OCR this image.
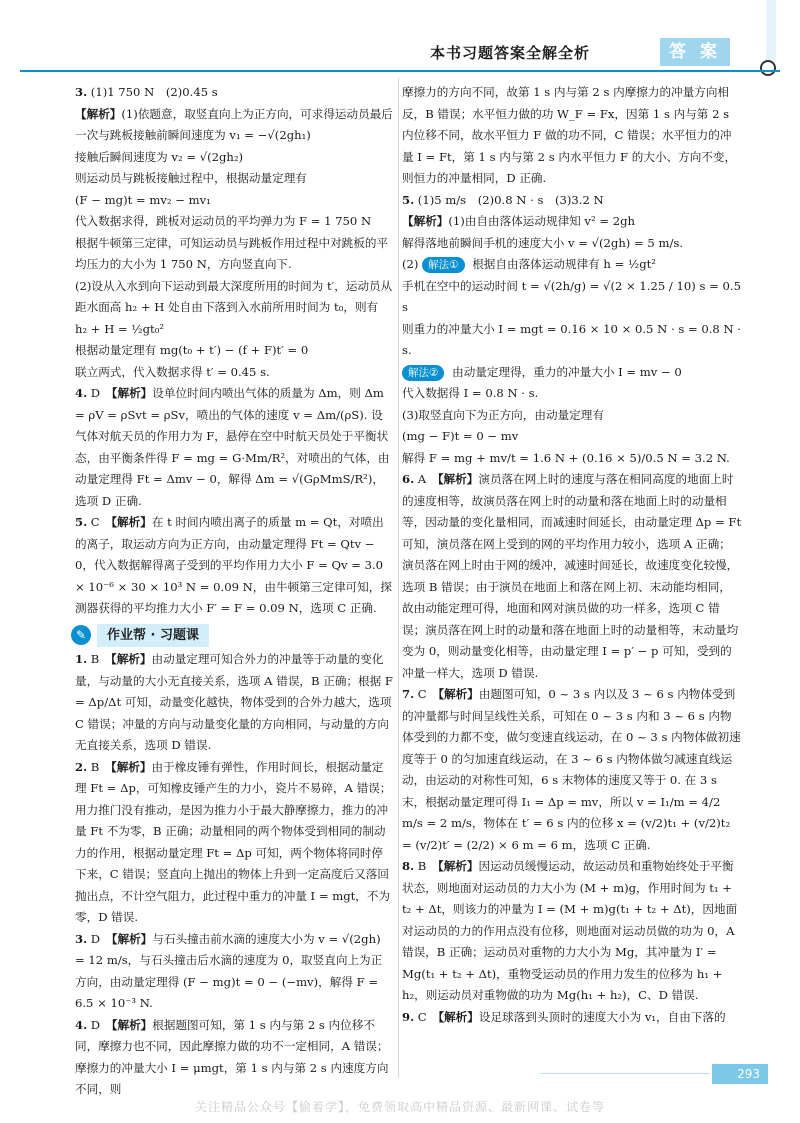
本书习题答案全解全析	答 案

3. (1)1 750 N　(2)0.45 s

【解析】(1)依题意，取竖直向上为正方向，可求得运动员最后一次与跳板接触前瞬间速度为 v₁ = −√(2gh₁)

接触后瞬间速度为 v₂ = √(2gh₂)

则运动员与跳板接触过程中，根据动量定理有

(F − mg)t = mv₂ − mv₁

代入数据求得，跳板对运动员的平均弹力为 F = 1 750 N

根据牛顿第三定律，可知运动员与跳板作用过程中对跳板的平均压力的大小为 1 750 N，方向竖直向下.

(2)设从入水到向下运动到最大深度所用的时间为 t′，运动员从距水面高 h₂ + H 处自由下落到入水前所用时间为 t₀，则有 h₂ + H = ½gt₀²

根据动量定理有 mg(t₀ + t′) − (f + F)t′ = 0

联立两式，代入数据求得 t′ = 0.45 s.

4. D　【解析】设单位时间内喷出气体的质量为 Δm，则 Δm = ρV = ρSvt = ρSv，喷出的气体的速度 v = Δm/(ρS). 设气体对航天员的作用力为 F，悬停在空中时航天员处于平衡状态，由平衡条件得 F = mg = G·Mm/R²，对喷出的气体，由动量定理得 Ft = Δmv − 0，解得 Δm = √(GρMmS/R²)，选项 D 正确.

5. C　【解析】在 t 时间内喷出离子的质量 m = Qt，对喷出的离子，取运动方向为正方向，由动量定理得 Ft = Qtv − 0，代入数据解得离子受到的平均作用力大小 F = Qv = 3.0 × 10⁻⁶ × 30 × 10³ N = 0.09 N，由牛顿第三定律可知，探测器获得的平均推力大小 F′ = F = 0.09 N，选项 C 正确.

✎	作业帮 · 习题课

1. B　【解析】由动量定理可知合外力的冲量等于动量的变化量，与动量的大小无直接关系，选项 A 错误，B 正确；根据 F = Δp/Δt 可知，动量变化越快，物体受到的合外力越大，选项 C 错误；冲量的方向与动量变化量的方向相同，与动量的方向无直接关系，选项 D 错误.

2. B　【解析】由于橡皮锤有弹性，作用时间长，根据动量定理 Ft = Δp，可知橡皮锤产生的力小，瓷片不易碎，A 错误；用力推门没有推动，是因为推力小于最大静摩擦力，推力的冲量 Ft 不为零，B 正确；动量相同的两个物体受到相同的制动力的作用，根据动量定理 Ft = Δp 可知，两个物体将同时停下来，C 错误；竖直向上抛出的物体上升到一定高度后又落回抛出点，不计空气阻力，此过程中重力的冲量 I = mgt，不为零，D 错误.

3. D　【解析】与石头撞击前水滴的速度大小为 v = √(2gh) = 12 m/s，与石头撞击后水滴的速度为 0，取竖直向上为正方向，由动量定理得 (F − mg)t = 0 − (−mv)，解得 F = 6.5 × 10⁻³ N.

4. D　【解析】根据题图可知，第 1 s 内与第 2 s 内位移不同，摩擦力也不同，因此摩擦力做的功不一定相同，A 错误；摩擦力的冲量大小 I = μmgt，第 1 s 内与第 2 s 内速度方向不同，则

摩擦力的方向不同，故第 1 s 内与第 2 s 内摩擦力的冲量方向相反，B 错误；水平恒力做的功 W_F = Fx，因第 1 s 内与第 2 s 内位移不同，故水平恒力 F 做的功不同，C 错误；水平恒力的冲量 I = Ft，第 1 s 内与第 2 s 内水平恒力 F 的大小、方向不变，则恒力的冲量相同，D 正确.

5. (1)5 m/s　(2)0.8 N · s　(3)3.2 N

【解析】(1)由自由落体运动规律知 v² = 2gh

解得落地前瞬间手机的速度大小 v = √(2gh) = 5 m/s.

(2) 解法① 根据自由落体运动规律有 h = ½gt²

手机在空中的运动时间 t = √(2h/g) = √(2 × 1.25 / 10) s = 0.5 s

则重力的冲量大小 I = mgt = 0.16 × 10 × 0.5 N · s = 0.8 N · s.

解法② 由动量定理得，重力的冲量大小 I = mv − 0

代入数据得 I = 0.8 N · s.

(3)取竖直向下为正方向，由动量定理有

(mg − F)t = 0 − mv

解得 F = mg + mv/t = 1.6 N + (0.16 × 5)/0.5 N = 3.2 N.

6. A　【解析】演员落在网上时的速度与落在相同高度的地面上时的速度相等，故演员落在网上时的动量和落在地面上时的动量相等，因动量的变化量相同，而减速时间延长，由动量定理 Δp = Ft 可知，演员落在网上受到的网的平均作用力较小，选项 A 正确；演员落在网上时由于网的缓冲，减速时间延长，故速度变化较慢，选项 B 错误；由于演员在地面上和落在网上初、末动能均相同，故由动能定理可得，地面和网对演员做的功一样多，选项 C 错误；演员落在网上时的动量和落在地面上时的动量相等，末动量均变为 0，则动量变化相等，由动量定理 I = p′ − p 可知，受到的冲量一样大，选项 D 错误.

7. C　【解析】由题图可知，0 ~ 3 s 内以及 3 ~ 6 s 内物体受到的冲量都与时间呈线性关系，可知在 0 ~ 3 s 内和 3 ~ 6 s 内物体受到的力都不变，做匀变速直线运动，在 0 ~ 3 s 内物体做初速度等于 0 的匀加速直线运动，在 3 ~ 6 s 内物体做匀减速直线运动，由运动的对称性可知，6 s 末物体的速度又等于 0. 在 3 s 末，根据动量定理可得 I₁ = Δp = mv，所以 v = I₁/m = 4/2 m/s = 2 m/s，物体在 t′ = 6 s 内的位移 x = (v/2)t₁ + (v/2)t₂ = (v/2)t′ = (2/2) × 6 m = 6 m，选项 C 正确.

8. B　【解析】因运动员缓慢运动，故运动员和重物始终处于平衡状态，则地面对运动员的力大小为 (M + m)g，作用时间为 t₁ + t₂ + Δt，则该力的冲量为 I = (M + m)g(t₁ + t₂ + Δt)，因地面对运动员的力的作用点没有位移，则地面对运动员做的功为 0，A 错误，B 正确；运动员对重物的力大小为 Mg，其冲量为 I′ = Mg(t₁ + t₂ + Δt)，重物受运动员的作用力发生的位移为 h₁ + h₂，则运动员对重物做的功为 Mg(h₁ + h₂)，C、D 错误.

9. C　【解析】设足球落到头顶时的速度大小为 v₁，自由下落的

293
关注精品公众号【偷着学】，免费领取高中精品资源、最新网课、试卷等
